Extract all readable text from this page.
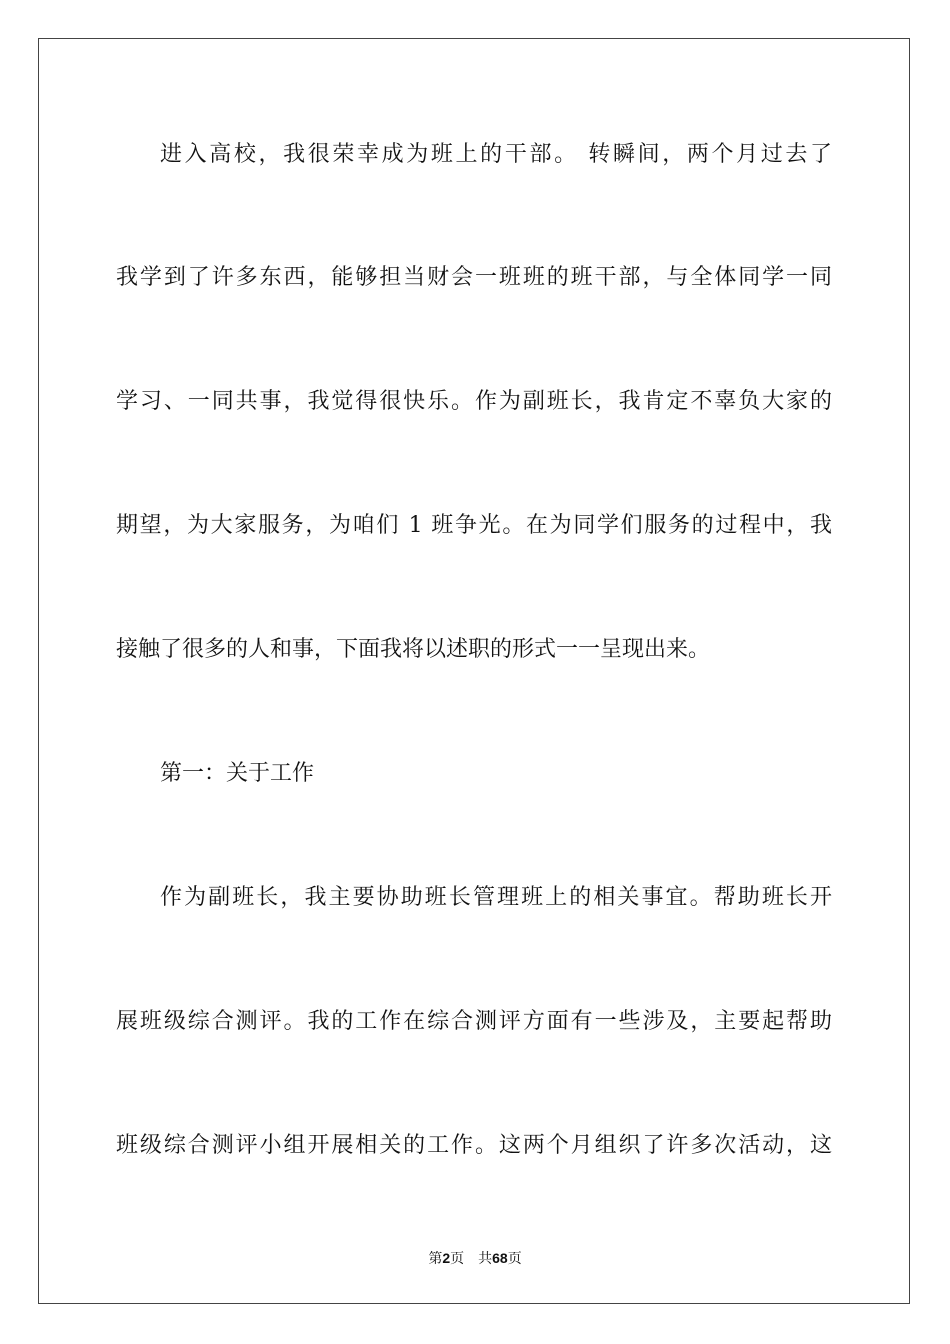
进入高校，我很荣幸成为班上的干部。 转瞬间，两个月过去了

我学到了许多东西，能够担当财会一班班的班干部，与全体同学一同

学习、一同共事，我觉得很快乐。作为副班长，我肯定不辜负大家的

期望，为大家服务，为咱们 1 班争光。在为同学们服务的过程中，我

接触了很多的人和事，下面我将以述职的形式一一呈现出来。

第一：关于工作

作为副班长，我主要协助班长管理班上的相关事宜。帮助班长开

展班级综合测评。我的工作在综合测评方面有一些涉及，主要起帮助

班级综合测评小组开展相关的工作。这两个月组织了许多次活动，这

第2页 共68页
